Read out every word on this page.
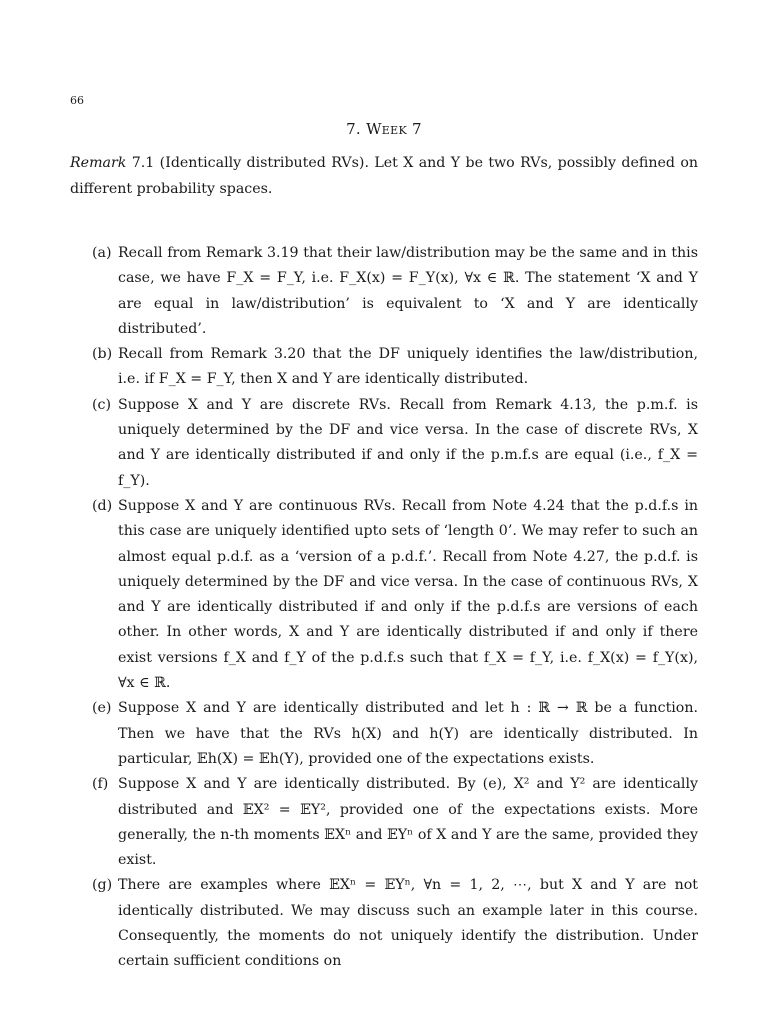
66
7. Week 7
Remark 7.1 (Identically distributed RVs). Let X and Y be two RVs, possibly defined on different probability spaces.
(a) Recall from Remark 3.19 that their law/distribution may be the same and in this case, we have F_X = F_Y, i.e. F_X(x) = F_Y(x), ∀x ∈ ℝ. The statement ‘X and Y are equal in law/distribution’ is equivalent to ‘X and Y are identically distributed’.
(b) Recall from Remark 3.20 that the DF uniquely identifies the law/distribution, i.e. if F_X = F_Y, then X and Y are identically distributed.
(c) Suppose X and Y are discrete RVs. Recall from Remark 4.13, the p.m.f. is uniquely determined by the DF and vice versa. In the case of discrete RVs, X and Y are identically distributed if and only if the p.m.f.s are equal (i.e., f_X = f_Y).
(d) Suppose X and Y are continuous RVs. Recall from Note 4.24 that the p.d.f.s in this case are uniquely identified upto sets of ‘length 0’. We may refer to such an almost equal p.d.f. as a ‘version of a p.d.f.’. Recall from Note 4.27, the p.d.f. is uniquely determined by the DF and vice versa. In the case of continuous RVs, X and Y are identically distributed if and only if the p.d.f.s are versions of each other. In other words, X and Y are identically distributed if and only if there exist versions f_X and f_Y of the p.d.f.s such that f_X = f_Y, i.e. f_X(x) = f_Y(x), ∀x ∈ ℝ.
(e) Suppose X and Y are identically distributed and let h : ℝ → ℝ be a function. Then we have that the RVs h(X) and h(Y) are identically distributed. In particular, 𝔼h(X) = 𝔼h(Y), provided one of the expectations exists.
(f) Suppose X and Y are identically distributed. By (e), X² and Y² are identically distributed and 𝔼X² = 𝔼Y², provided one of the expectations exists. More generally, the n-th moments 𝔼Xⁿ and 𝔼Yⁿ of X and Y are the same, provided they exist.
(g) There are examples where 𝔼Xⁿ = 𝔼Yⁿ, ∀n = 1, 2, ⋯, but X and Y are not identically distributed. We may discuss such an example later in this course. Consequently, the moments do not uniquely identify the distribution. Under certain sufficient conditions on
